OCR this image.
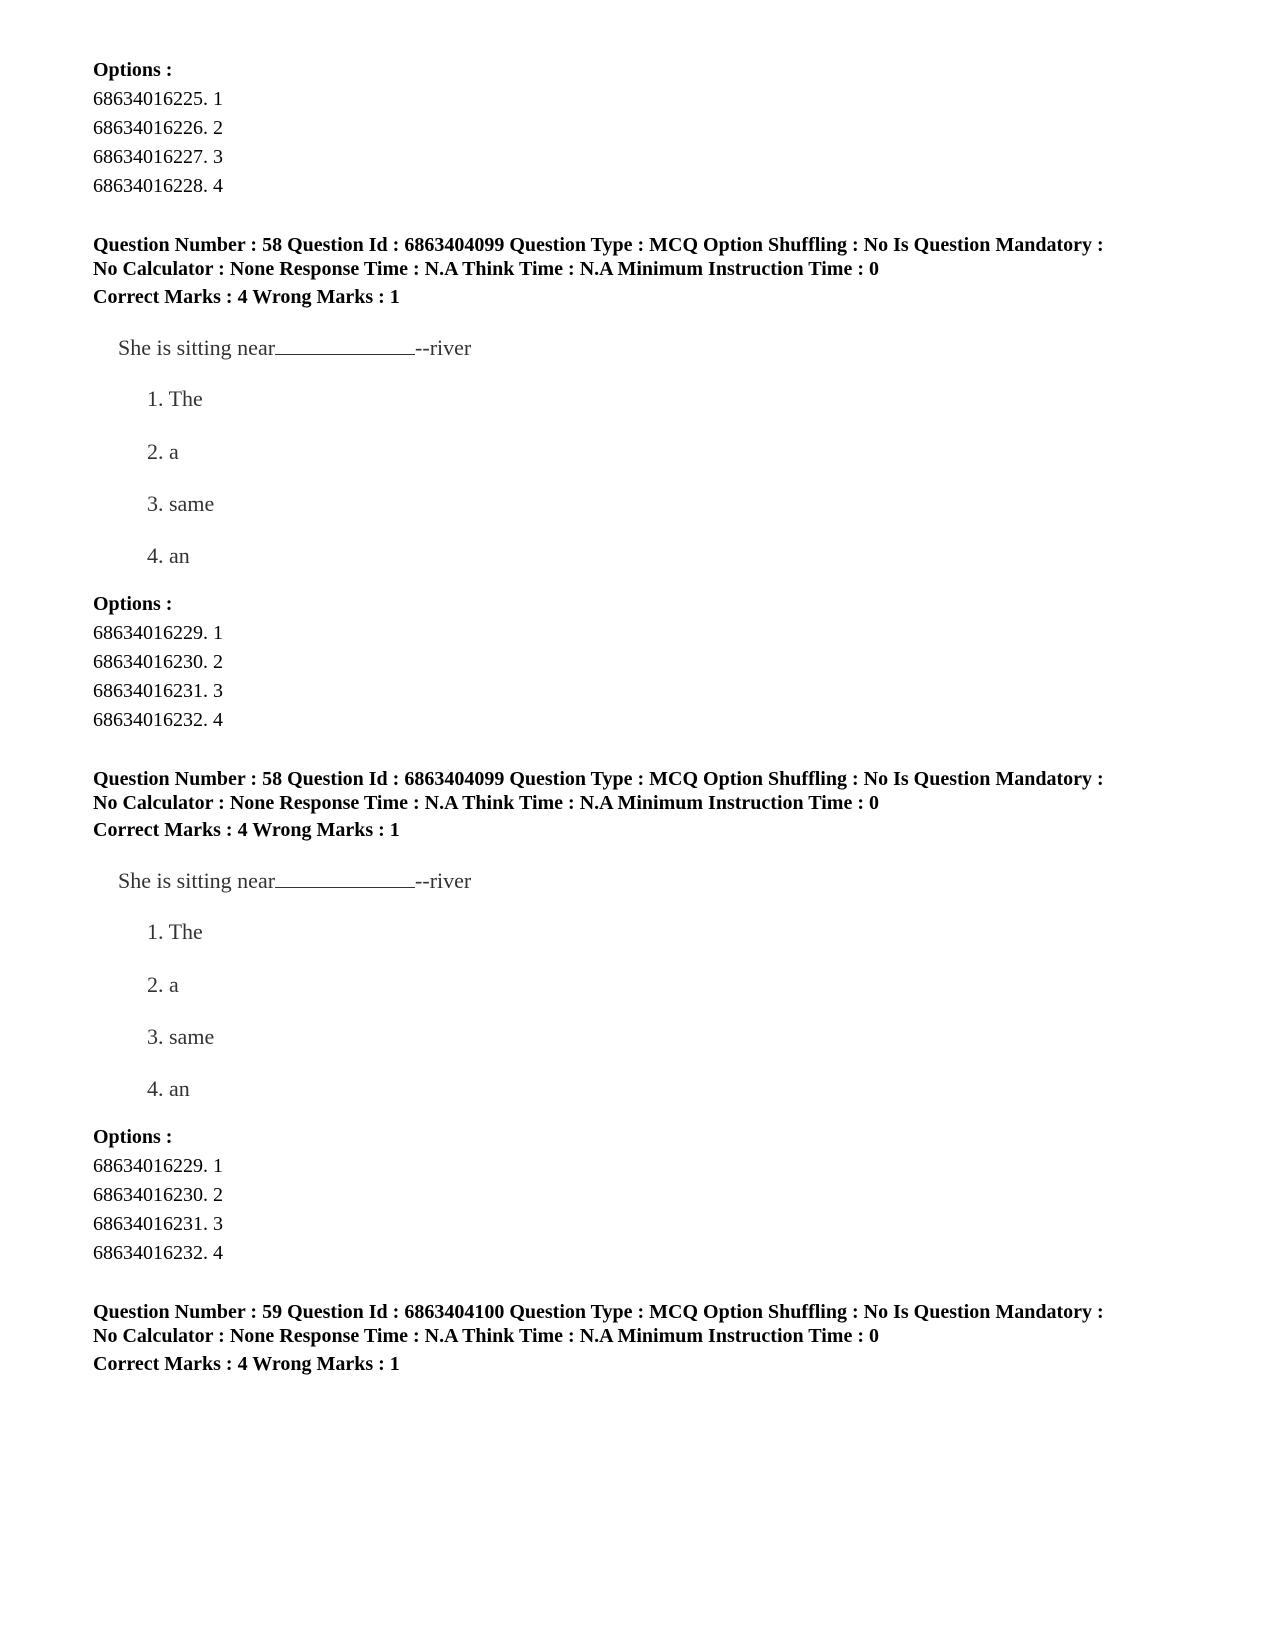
Options :
68634016225. 1
68634016226. 2
68634016227. 3
68634016228. 4
Question Number : 58 Question Id : 6863404099 Question Type : MCQ Option Shuffling : No Is Question Mandatory :
No Calculator : None Response Time : N.A Think Time : N.A Minimum Instruction Time : 0
Correct Marks : 4 Wrong Marks : 1
She is sitting near	--river
1. The
2. a
3. same
4. an
Options :
68634016229. 1
68634016230. 2
68634016231. 3
68634016232. 4
Question Number : 58 Question Id : 6863404099 Question Type : MCQ Option Shuffling : No Is Question Mandatory :
No Calculator : None Response Time : N.A Think Time : N.A Minimum Instruction Time : 0
Correct Marks : 4 Wrong Marks : 1
She is sitting near	--river
1. The
2. a
3. same
4. an
Options :
68634016229. 1
68634016230. 2
68634016231. 3
68634016232. 4
Question Number : 59 Question Id : 6863404100 Question Type : MCQ Option Shuffling : No Is Question Mandatory :
No Calculator : None Response Time : N.A Think Time : N.A Minimum Instruction Time : 0
Correct Marks : 4 Wrong Marks : 1
